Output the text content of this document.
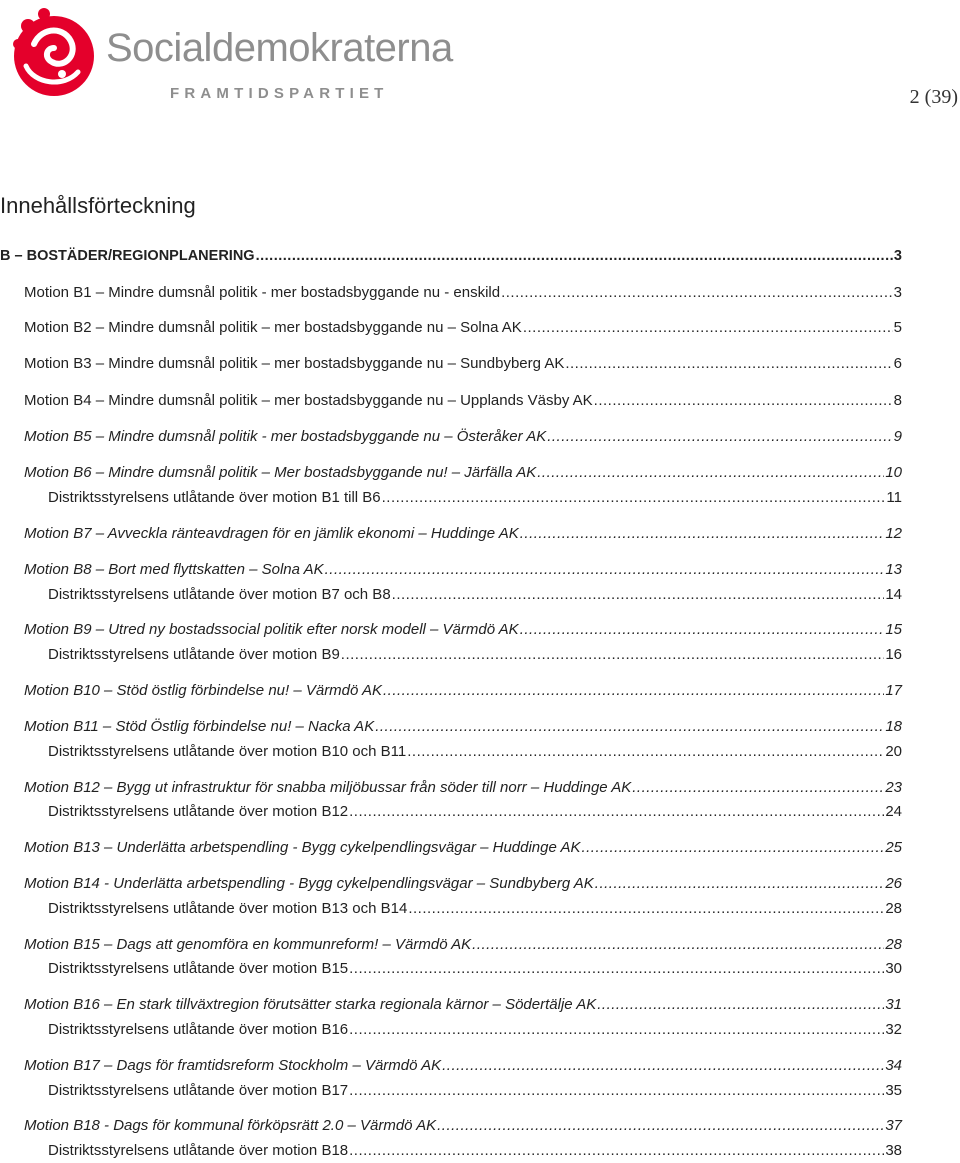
Socialdemokraterna
FRAMTIDSPARTIET	2 (39)
Innehållsförteckning
B – BOSTÄDER/REGIONPLANERING .....	3
Motion B1 – Mindre dumsnål politik - mer bostadsbyggande nu - enskild .....	3
Motion B2 – Mindre dumsnål politik – mer bostadsbyggande nu – Solna AK .....	5
Motion B3 – Mindre dumsnål politik – mer bostadsbyggande nu – Sundbyberg AK .....	6
Motion B4 – Mindre dumsnål politik – mer bostadsbyggande nu – Upplands Väsby AK .....	8
Motion B5 – Mindre dumsnål politik - mer bostadsbyggande nu – Österåker AK .....	9
Motion B6 – Mindre dumsnål politik – Mer bostadsbyggande nu! – Järfälla AK .....	10
Distriktsstyrelsens utlåtande över motion B1 till B6 .....	11
Motion B7 – Avveckla ränteavdragen för en jämlik ekonomi – Huddinge AK .....	12
Motion B8 – Bort med flyttskatten – Solna AK .....	13
Distriktsstyrelsens utlåtande över motion B7 och B8 .....	14
Motion B9 – Utred ny bostadssocial politik efter norsk modell – Värmdö AK .....	15
Distriktsstyrelsens utlåtande över motion B9 .....	16
Motion B10 – Stöd östlig förbindelse nu! – Värmdö AK .....	17
Motion B11 – Stöd Östlig förbindelse nu! – Nacka AK .....	18
Distriktsstyrelsens utlåtande över motion B10 och B11 .....	20
Motion B12 – Bygg ut infrastruktur för snabba miljöbussar från söder till norr – Huddinge AK .....	23
Distriktsstyrelsens utlåtande över motion B12 .....	24
Motion B13 – Underlätta arbetspendling - Bygg cykelpendlingsvägar – Huddinge AK .....	25
Motion B14 - Underlätta arbetspendling - Bygg cykelpendlingsvägar – Sundbyberg AK .....	26
Distriktsstyrelsens utlåtande över motion B13 och B14 .....	28
Motion B15 – Dags att genomföra en kommunreform! – Värmdö AK .....	28
Distriktsstyrelsens utlåtande över motion B15 .....	30
Motion B16 – En stark tillväxtregion förutsätter starka regionala kärnor – Södertälje AK .....	31
Distriktsstyrelsens utlåtande över motion B16 .....	32
Motion B17 – Dags för framtidsreform Stockholm – Värmdö AK .....	34
Distriktsstyrelsens utlåtande över motion B17 .....	35
Motion B18 - Dags för kommunal förköpsrätt 2.0 – Värmdö AK .....	37
Distriktsstyrelsens utlåtande över motion B18 .....	38
